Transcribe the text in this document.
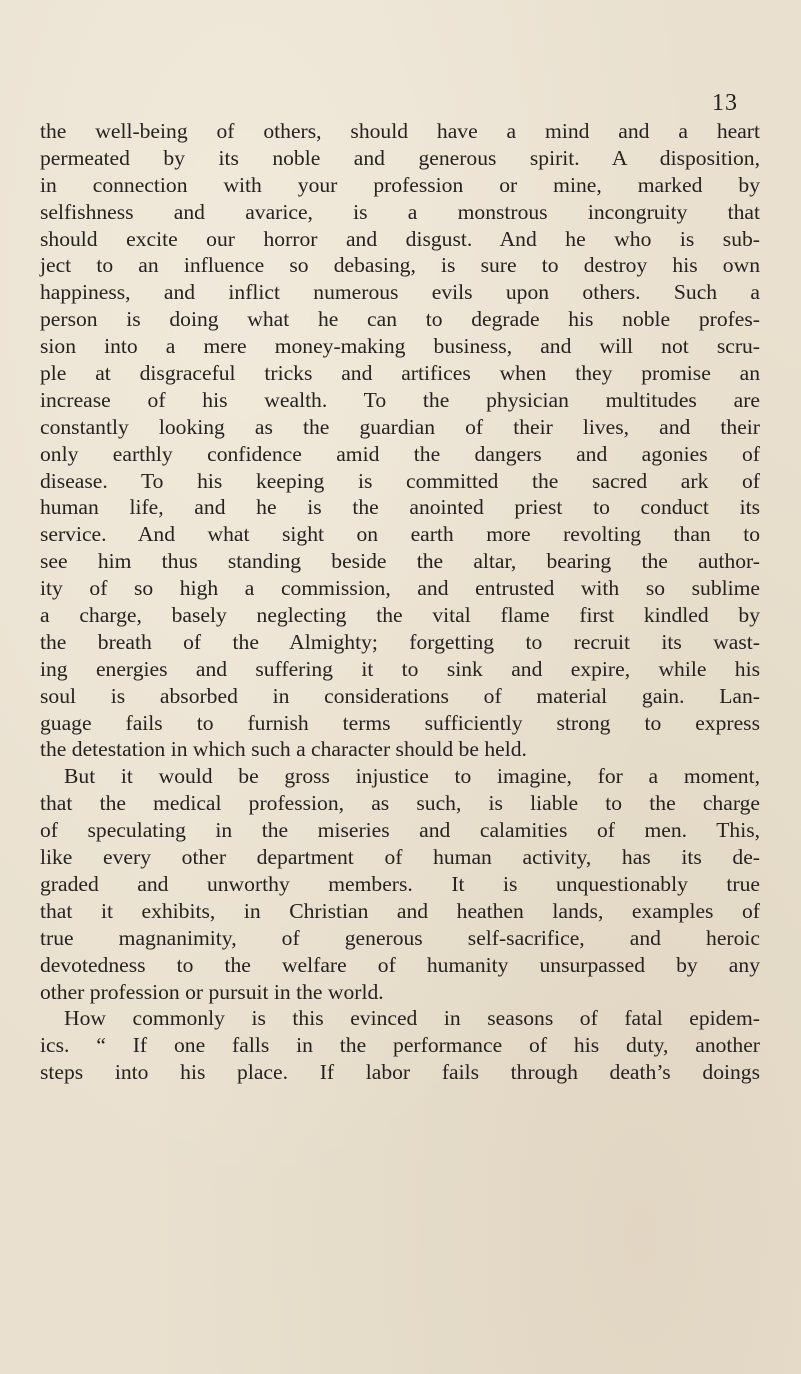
13
the well-being of others, should have a mind and a heart
permeated by its noble and generous spirit. A disposition,
in connection with your profession or mine, marked by
selfishness and avarice, is a monstrous incongruity that
should excite our horror and disgust. And he who is sub-
ject to an influence so debasing, is sure to destroy his own
happiness, and inflict numerous evils upon others. Such a
person is doing what he can to degrade his noble profes-
sion into a mere money-making business, and will not scru-
ple at disgraceful tricks and artifices when they promise an
increase of his wealth. To the physician multitudes are
constantly looking as the guardian of their lives, and their
only earthly confidence amid the dangers and agonies of
disease. To his keeping is committed the sacred ark of
human life, and he is the anointed priest to conduct its
service. And what sight on earth more revolting than to
see him thus standing beside the altar, bearing the author-
ity of so high a commission, and entrusted with so sublime
a charge, basely neglecting the vital flame first kindled by
the breath of the Almighty; forgetting to recruit its wast-
ing energies and suffering it to sink and expire, while his
soul is absorbed in considerations of material gain. Lan-
guage fails to furnish terms sufficiently strong to express
the detestation in which such a character should be held.
But it would be gross injustice to imagine, for a moment,
that the medical profession, as such, is liable to the charge
of speculating in the miseries and calamities of men. This,
like every other department of human activity, has its de-
graded and unworthy members. It is unquestionably true
that it exhibits, in Christian and heathen lands, examples of
true magnanimity, of generous self-sacrifice, and heroic
devotedness to the welfare of humanity unsurpassed by any
other profession or pursuit in the world.
How commonly is this evinced in seasons of fatal epidem-
ics. “ If one falls in the performance of his duty, another
steps into his place. If labor fails through death’s doings
